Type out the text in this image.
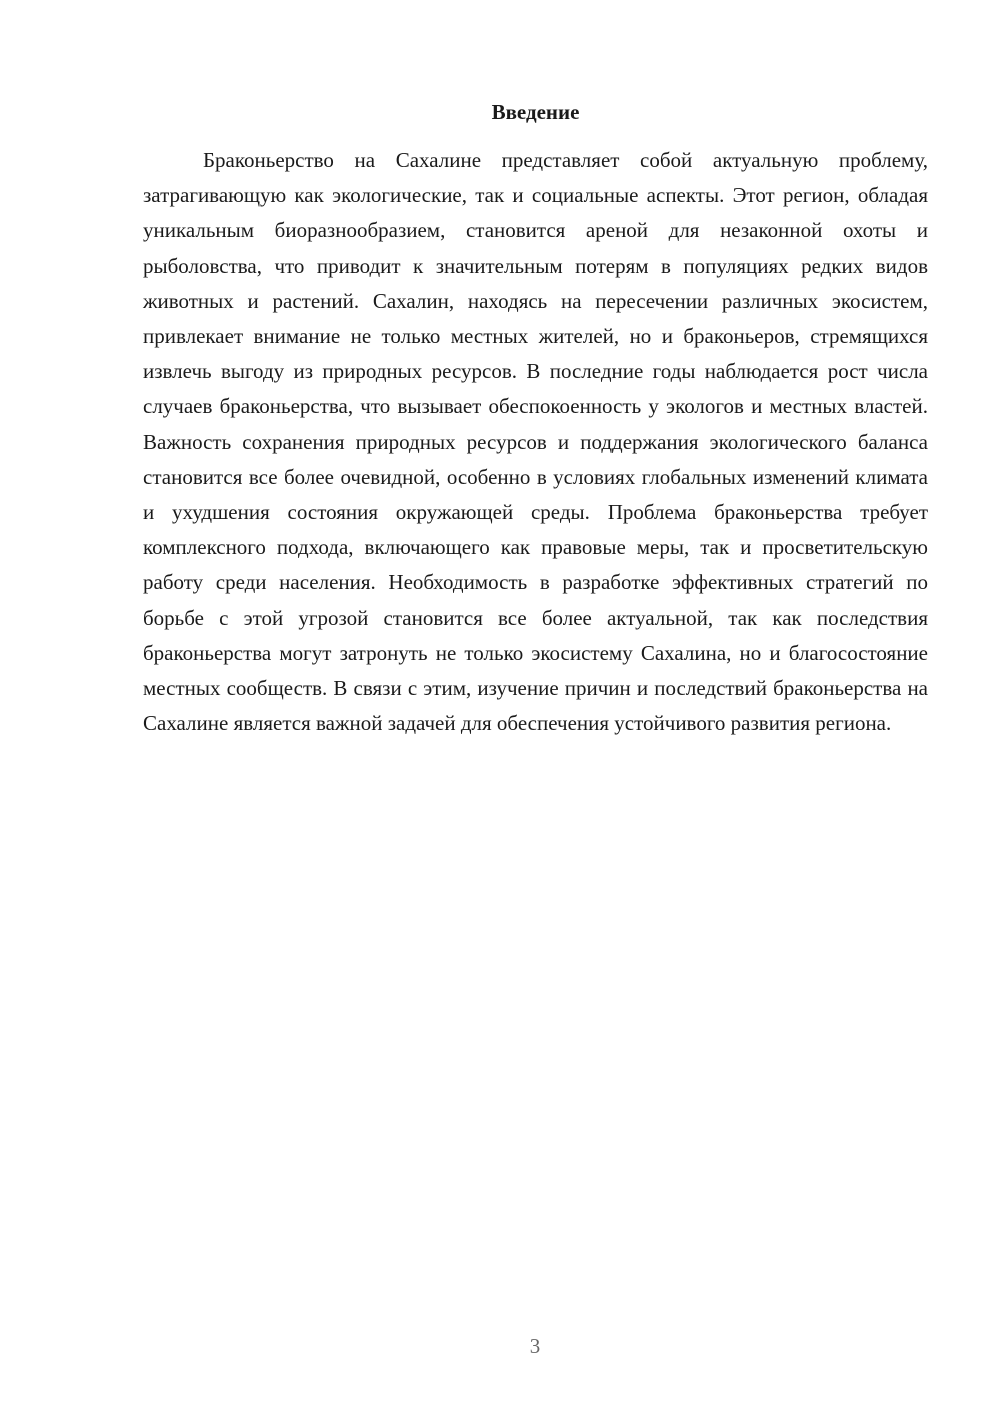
Введение

Браконьерство на Сахалине представляет собой актуальную проблему, затрагивающую как экологические, так и социальные аспекты. Этот регион, обладая уникальным биоразнообразием, становится ареной для незаконной охоты и рыболовства, что приводит к значительным потерям в популяциях редких видов животных и растений. Сахалин, находясь на пересечении различных экосистем, привлекает внимание не только местных жителей, но и браконьеров, стремящихся извлечь выгоду из природных ресурсов. В последние годы наблюдается рост числа случаев браконьерства, что вызывает обеспокоенность у экологов и местных властей. Важность сохранения природных ресурсов и поддержания экологического баланса становится все более очевидной, особенно в условиях глобальных изменений климата и ухудшения состояния окружающей среды. Проблема браконьерства требует комплексного подхода, включающего как правовые меры, так и просветительскую работу среди населения. Необходимость в разработке эффективных стратегий по борьбе с этой угрозой становится все более актуальной, так как последствия браконьерства могут затронуть не только экосистему Сахалина, но и благосостояние местных сообществ. В связи с этим, изучение причин и последствий браконьерства на Сахалине является важной задачей для обеспечения устойчивого развития региона.

3
